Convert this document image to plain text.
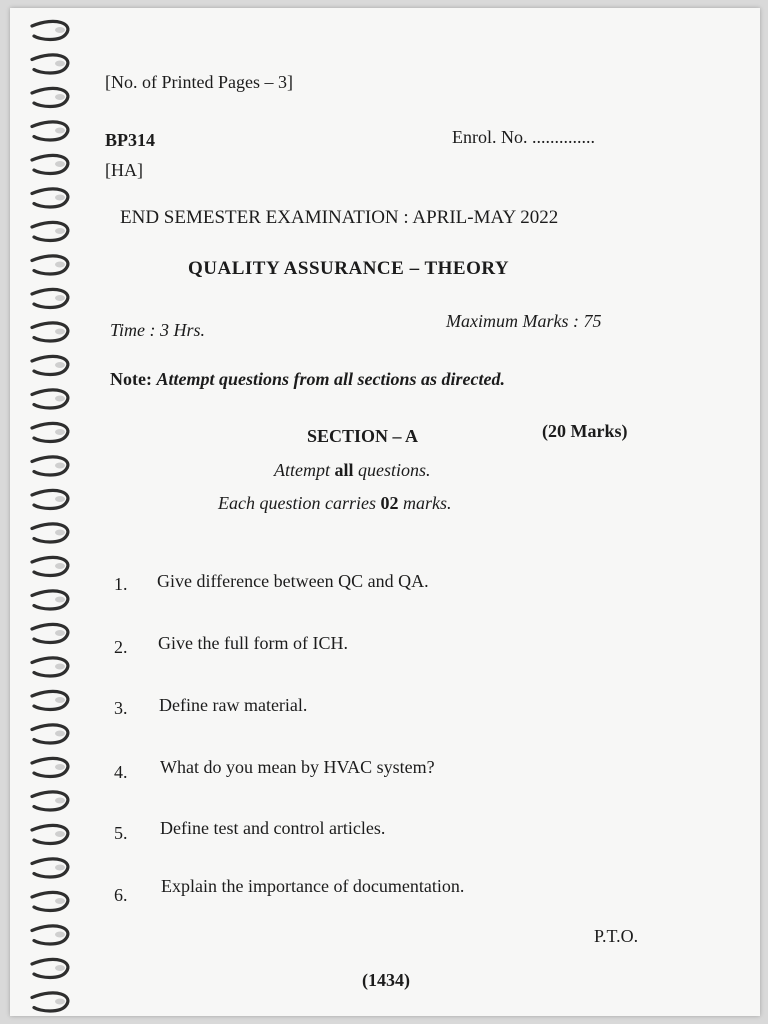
[No. of Printed Pages – 3]
BP314	Enrol. No. ..............
[HA]
END SEMESTER EXAMINATION : APRIL-MAY 2022
QUALITY ASSURANCE – THEORY
Time : 3 Hrs.	Maximum Marks : 75
Note: Attempt questions from all sections as directed.
SECTION – A	(20 Marks)
Attempt all questions.
Each question carries 02 marks.
1. Give difference between QC and QA.
2. Give the full form of ICH.
3. Define raw material.
4. What do you mean by HVAC system?
5. Define test and control articles.
6. Explain the importance of documentation.
P.T.O.
(1434)
